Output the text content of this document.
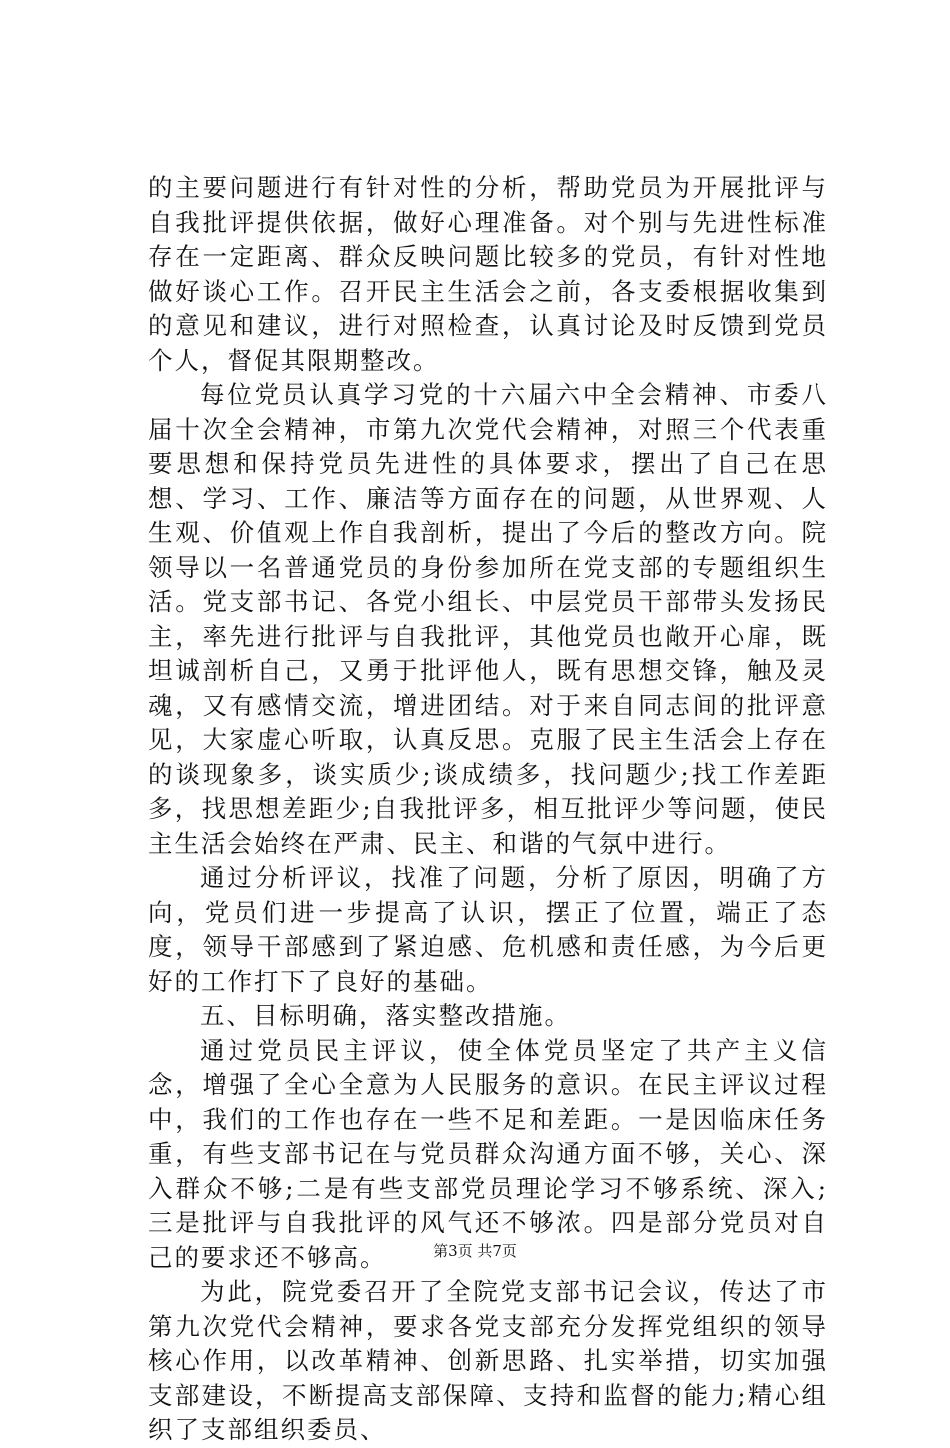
的主要问题进行有针对性的分析，帮助党员为开展批评与自我批评提供依据，做好心理准备。对个别与先进性标准存在一定距离、群众反映问题比较多的党员，有针对性地做好谈心工作。召开民主生活会之前，各支委根据收集到的意见和建议，进行对照检查，认真讨论及时反馈到党员个人，督促其限期整改。

每位党员认真学习党的十六届六中全会精神、市委八届十次全会精神，市第九次党代会精神，对照三个代表重要思想和保持党员先进性的具体要求，摆出了自己在思想、学习、工作、廉洁等方面存在的问题，从世界观、人生观、价值观上作自我剖析，提出了今后的整改方向。院领导以一名普通党员的身份参加所在党支部的专题组织生活。党支部书记、各党小组长、中层党员干部带头发扬民主，率先进行批评与自我批评，其他党员也敞开心扉，既坦诚剖析自己，又勇于批评他人，既有思想交锋，触及灵魂，又有感情交流，增进团结。对于来自同志间的批评意见，大家虚心听取，认真反思。克服了民主生活会上存在的谈现象多，谈实质少;谈成绩多，找问题少;找工作差距多，找思想差距少;自我批评多，相互批评少等问题，使民主生活会始终在严肃、民主、和谐的气氛中进行。

通过分析评议，找准了问题，分析了原因，明确了方向，党员们进一步提高了认识，摆正了位置，端正了态度，领导干部感到了紧迫感、危机感和责任感，为今后更好的工作打下了良好的基础。

五、目标明确，落实整改措施。

通过党员民主评议，使全体党员坚定了共产主义信念，增强了全心全意为人民服务的意识。在民主评议过程中，我们的工作也存在一些不足和差距。一是因临床任务重，有些支部书记在与党员群众沟通方面不够，关心、深入群众不够;二是有些支部党员理论学习不够系统、深入;三是批评与自我批评的风气还不够浓。四是部分党员对自己的要求还不够高。

为此，院党委召开了全院党支部书记会议，传达了市第九次党代会精神，要求各党支部充分发挥党组织的领导核心作用，以改革精神、创新思路、扎实举措，切实加强支部建设，不断提高支部保障、支持和监督的能力;精心组织了支部组织委员、

第3页 共7页
